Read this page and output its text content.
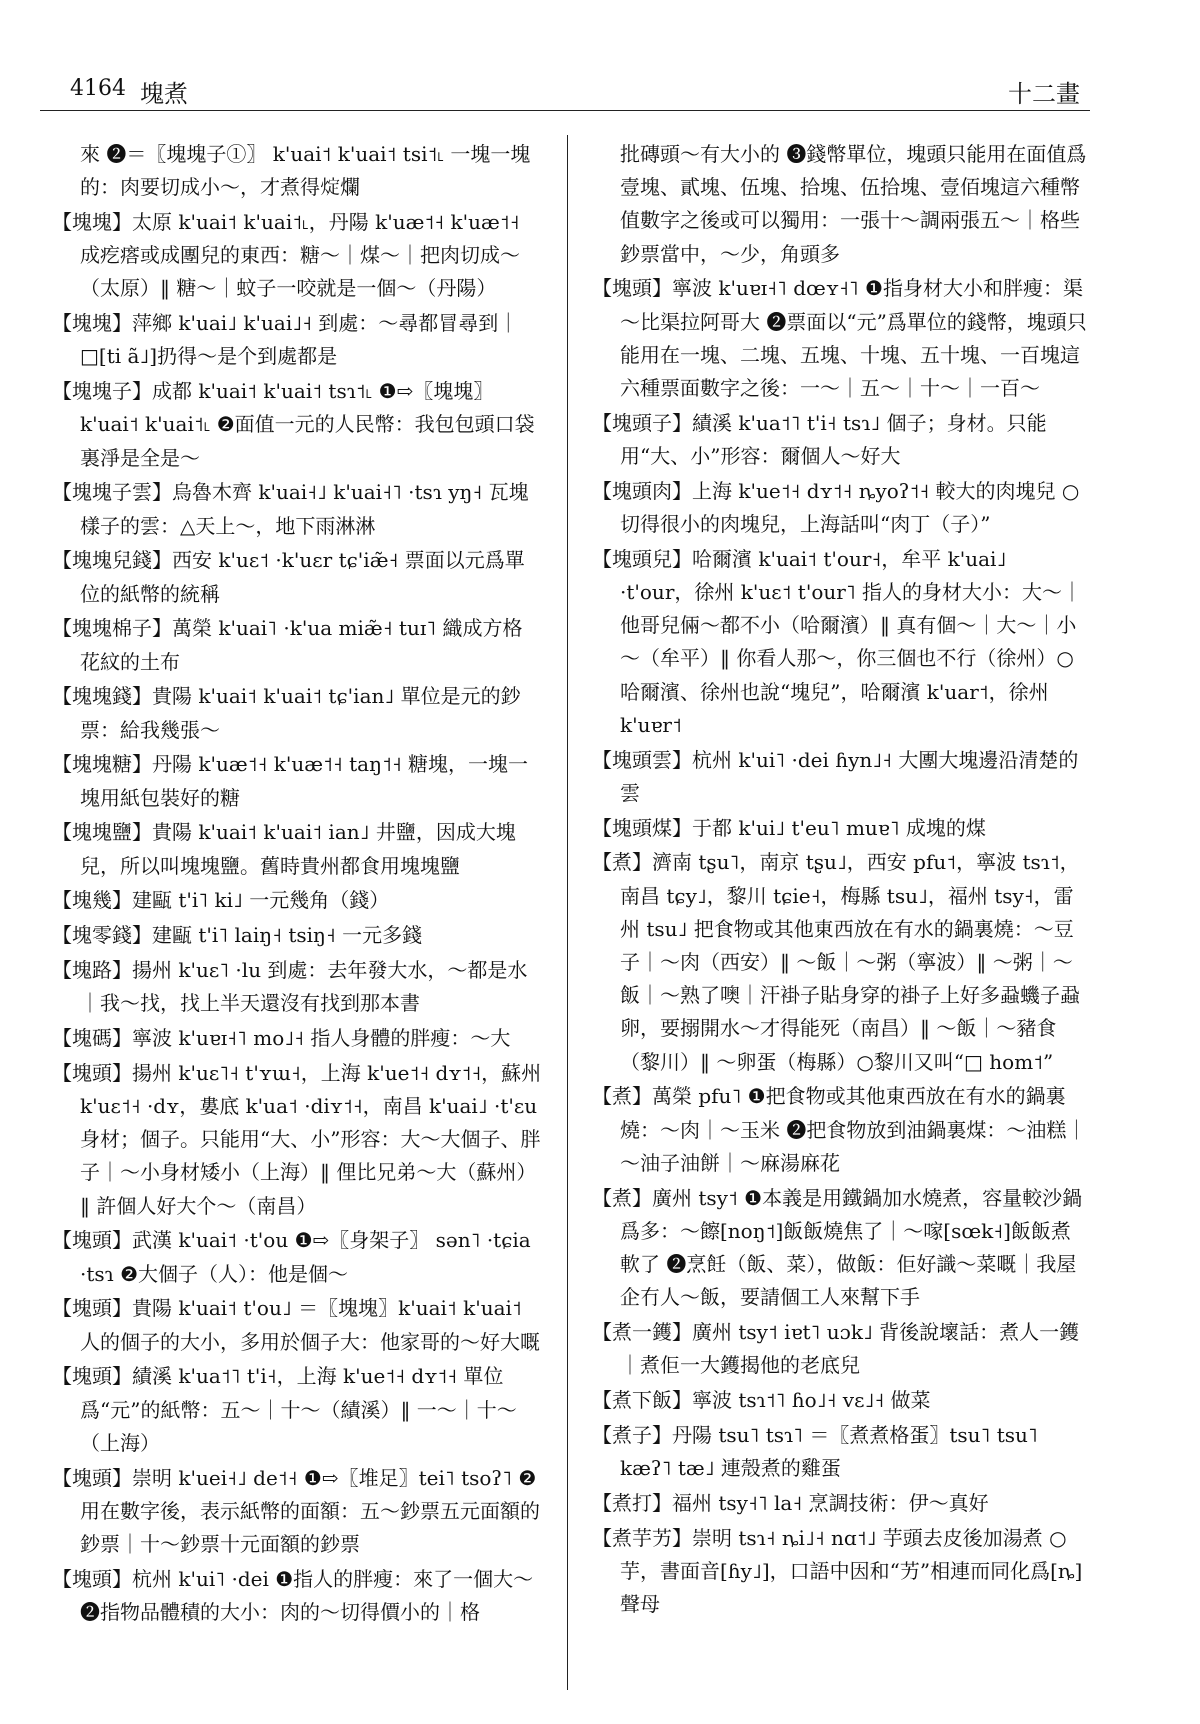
4164 塊煮	十二畫

來 ❷＝〖塊塊子①〗 k'uai˦ k'uai˦ tsi˦˪ 一塊一塊的：肉要切成小～，才煮得𤊟爛

【塊塊】太原 k'uai˦ k'uai˦˪，丹陽 k'uæ˦˧ k'uæ˦˧ 成疙瘩或成團兒的東西：糖～｜煤～｜把肉切成～（太原）‖ 糖～｜蚊子一咬就是一個～（丹陽）

【塊塊】萍鄉 k'uai˩ k'uai˩˧ 到處：～尋都冒尋到｜□[ti ã˩]扔得～是个到處都是

【塊塊子】成都 k'uai˦ k'uai˦ tsɿ˦˪ ❶⇨〖塊塊〗k'uai˦ k'uai˦˪ ❷面值一元的人民幣：我包包頭口袋裏淨是全是～

【塊塊子雲】烏魯木齊 k'uai˧˩ k'uai˧˥ ·tsɿ yŋ˧ 瓦塊樣子的雲：△天上～，地下雨淋淋

【塊塊兒錢】西安 k'uɛ˦ ·k'uɛr tɕ'iæ̃˧ 票面以元爲單位的紙幣的統稱

【塊塊棉子】萬榮 k'uai˥ ·k'ua miæ̃˧ tuɪ˥ 織成方格花紋的土布

【塊塊錢】貴陽 k'uai˦ k'uai˦ tɕ'ian˩ 單位是元的鈔票：給我幾張～

【塊塊糖】丹陽 k'uæ˦˧ k'uæ˦˧ taŋ˦˧ 糖塊，一塊一塊用紙包裝好的糖

【塊塊鹽】貴陽 k'uai˦ k'uai˦ ian˩ 井鹽，因成大塊兒，所以叫塊塊鹽。舊時貴州都食用塊塊鹽

【塊幾】建甌 t'i˥ ki˩ 一元幾角（錢）

【塊零錢】建甌 t'i˥ laiŋ˧ tsiŋ˧ 一元多錢

【塊路】揚州 k'uɛ˥ ·lu 到處：去年發大水，～都是水｜我～找，找上半天還沒有找到那本書

【塊碼】寧波 k'uɐɪ˧˥ mo˩˧ 指人身體的胖瘦：～大

【塊頭】揚州 k'uɛ˥˧ t'ʏɯ˧，上海 k'ue˦˧ dʏ˦˧，蘇州 k'uɛ˦˧ ·dʏ，婁底 k'ua˦ ·diʏ˦˧，南昌 k'uai˩ ·t'ɛu 身材；個子。只能用“大、小”形容：大～大個子、胖子｜～小身材矮小（上海）‖ 俚比兄弟～大（蘇州）‖ 許個人好大个～（南昌）

【塊頭】武漢 k'uai˦ ·t'ou ❶⇨〖身架子〗 sən˥ ·tɕia ·tsɿ ❷大個子（人）：他是個～

【塊頭】貴陽 k'uai˦ t'ou˩ ＝〖塊塊〗k'uai˦ k'uai˦ 人的個子的大小，多用於個子大：他家哥的～好大嘅

【塊頭】績溪 k'ua˦˥ t'i˧，上海 k'ue˦˧ dʏ˦˧ 單位爲“元”的紙幣：五～｜十～（績溪）‖ 一～｜十～（上海）

【塊頭】崇明 k'uei˧˩ de˦˧ ❶⇨〖堆足〗tei˥ tsoʔ˥ ❷用在數字後，表示紙幣的面額：五～鈔票五元面額的鈔票｜十～鈔票十元面額的鈔票

【塊頭】杭州 k'ui˥ ·dei ❶指人的胖瘦：來了一個大～ ❷指物品體積的大小：肉的～切得價小的｜格

批磚頭～有大小的 ❸錢幣單位，塊頭只能用在面值爲壹塊、貳塊、伍塊、拾塊、伍拾塊、壹佰塊這六種幣值數字之後或可以獨用：一張十～調兩張五～｜格些鈔票當中，～少，角頭多

【塊頭】寧波 k'uɐɪ˧˥ dœʏ˧˥ ❶指身材大小和胖瘦：渠～比渠拉阿哥大 ❷票面以“元”爲單位的錢幣，塊頭只能用在一塊、二塊、五塊、十塊、五十塊、一百塊這六種票面數字之後：一～｜五～｜十～｜一百～

【塊頭子】績溪 k'ua˦˥ t'i˧ tsɿ˩ 個子；身材。只能用“大、小”形容：爾個人～好大

【塊頭肉】上海 k'ue˦˧ dʏ˦˧ ȵyoʔ˦˧ 較大的肉塊兒 ○切得很小的肉塊兒，上海話叫“肉丁（子）”

【塊頭兒】哈爾濱 k'uai˦ t'our˧，牟平 k'uai˩ ·t'our，徐州 k'uɛ˦ t'our˥ 指人的身材大小：大～｜他哥兒倆～都不小（哈爾濱）‖ 真有個～｜大～｜小～（牟平）‖ 你看人那～，你三個也不行（徐州）○哈爾濱、徐州也說“塊兒”，哈爾濱 k'uar˦，徐州 k'uɐr˦

【塊頭雲】杭州 k'ui˥ ·dei ɦyn˩˧ 大團大塊邊沿清楚的雲

【塊頭煤】于都 k'ui˩ t'eu˥ muɐ˥ 成塊的煤

【煮】濟南 tʂu˥，南京 tʂu˩，西安 pfu˦，寧波 tsɿ˦，南昌 tɕy˩，黎川 tɕie˧，梅縣 tsu˩，福州 tsy˧，雷州 tsu˩ 把食物或其他東西放在有水的鍋裏燒：～豆子｜～肉（西安）‖ ～飯｜～粥（寧波）‖ ～粥｜～飯｜～熟了噢｜汗褂子貼身穿的褂子上好多蝨蟣子蝨卵，要搦開水～才得能死（南昌）‖ ～飯｜～豬食（黎川）‖ ～卵蛋（梅縣）○黎川又叫“□ hom˦”

【煮】萬榮 pfu˥ ❶把食物或其他東西放在有水的鍋裏燒：～肉｜～玉米 ❷把食物放到油鍋裏煤：～油糕｜～油子油餅｜～麻湯麻花

【煮】廣州 tsy˦ ❶本義是用鐵鍋加水燒煮，容量較沙鍋爲多：～𩟔[noŋ˦]飯飯燒焦了｜～𠺢[sœk˧]飯飯煮軟了 ❷烹飪（飯、菜），做飯：佢好識～菜嘅｜我屋企冇人～飯，要請個工人來幫下手

【煮一鑊】廣州 tsy˦ iɐt˥ uɔk˩ 背後說壞話：煮人一鑊｜煮佢一大鑊揭他的老底兒

【煮下飯】寧波 tsɿ˦˥ ɦo˩˧ vɛ˩˧ 做菜

【煮子】丹陽 tsu˥ tsɿ˥ ＝〖煮煮格蛋〗tsu˥ tsu˥ kæʔ˥ tæ˩ 連殼煮的雞蛋

【煮打】福州 tsy˧˥ la˧ 烹調技術：伊～真好

【煮芋艻】崇明 tsɿ˧ ȵi˩˧ nɑ˦˩ 芋頭去皮後加湯煮 ○芋，書面音[ɦy˩]，口語中因和“艻”相連而同化爲[ȵ]聲母
